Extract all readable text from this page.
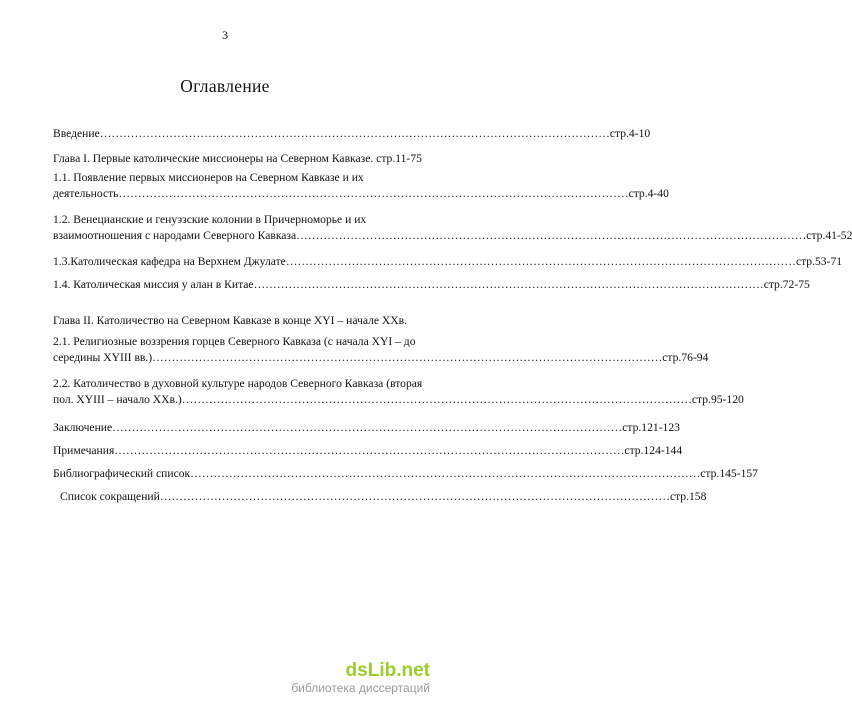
3
Оглавление
Введение …………………………………………………………………………………………………………………… стр.4-10
Глава I. Первые католические миссионеры на Северном Кавказе. стр.11-75
1.1. Появление первых миссионеров на Северном Кавказе и их
деятельность …………………………………………………………………………………………………………………… стр.4-40
1.2. Венецианские и генуэзские колонии в Причерноморье и их
взаимоотношения с народами Северного Кавказа …………………………………………………………………………………………………………………… стр.41-52
1.3.Католическая кафедра на Верхнем Джулате …………………………………………………………………………………………………………………… стр.53-71
1.4. Католическая миссия у алан в Китае …………………………………………………………………………………………………………………… стр.72-75
Глава II. Католичество на Северном Кавказе в конце XYI – начале XXв.
2.1. Религиозные воззрения горцев Северного Кавказа (с начала XYI – до
середины XYIII вв.) …………………………………………………………………………………………………………………… стр.76-94
2.2. Католичество в духовной культуре народов Северного Кавказа (вторая
пол. XYIII – начало XXв.) …………………………………………………………………………………………………………………… стр.95-120
Заключение …………………………………………………………………………………………………………………… стр.121-123
Примечания …………………………………………………………………………………………………………………… стр.124-144
Библиографический список …………………………………………………………………………………………………………………… стр.145-157
Список сокращений …………………………………………………………………………………………………………………… стр.158
dsLib.net
библиотека диссертаций
